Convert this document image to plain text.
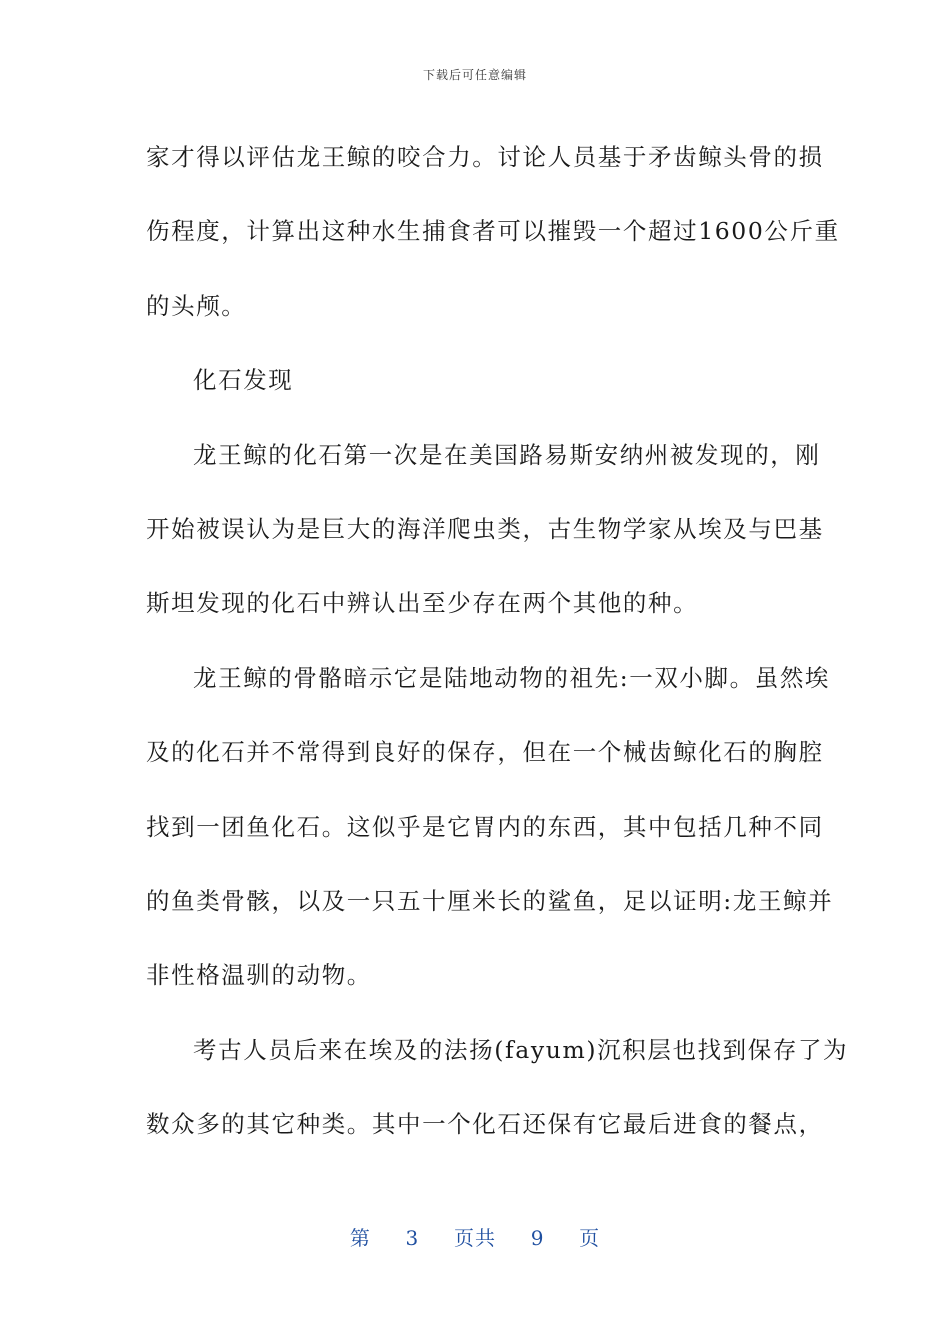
下载后可任意编辑

家才得以评估龙王鲸的咬合力。讨论人员基于矛齿鲸头骨的损
伤程度，计算出这种水生捕食者可以摧毁一个超过1600公斤重
的头颅。

化石发现

龙王鲸的化石第一次是在美国路易斯安纳州被发现的，刚
开始被误认为是巨大的海洋爬虫类，古生物学家从埃及与巴基
斯坦发现的化石中辨认出至少存在两个其他的种。

龙王鲸的骨骼暗示它是陆地动物的祖先:一双小脚。虽然埃
及的化石并不常得到良好的保存，但在一个械齿鲸化石的胸腔
找到一团鱼化石。这似乎是它胃内的东西，其中包括几种不同
的鱼类骨骸，以及一只五十厘米长的鲨鱼，足以证明:龙王鲸并
非性格温驯的动物。

考古人员后来在埃及的法扬(fayum)沉积层也找到保存了为
数众多的其它种类。其中一个化石还保有它最后进食的餐点，

第 3 页共 9 页
